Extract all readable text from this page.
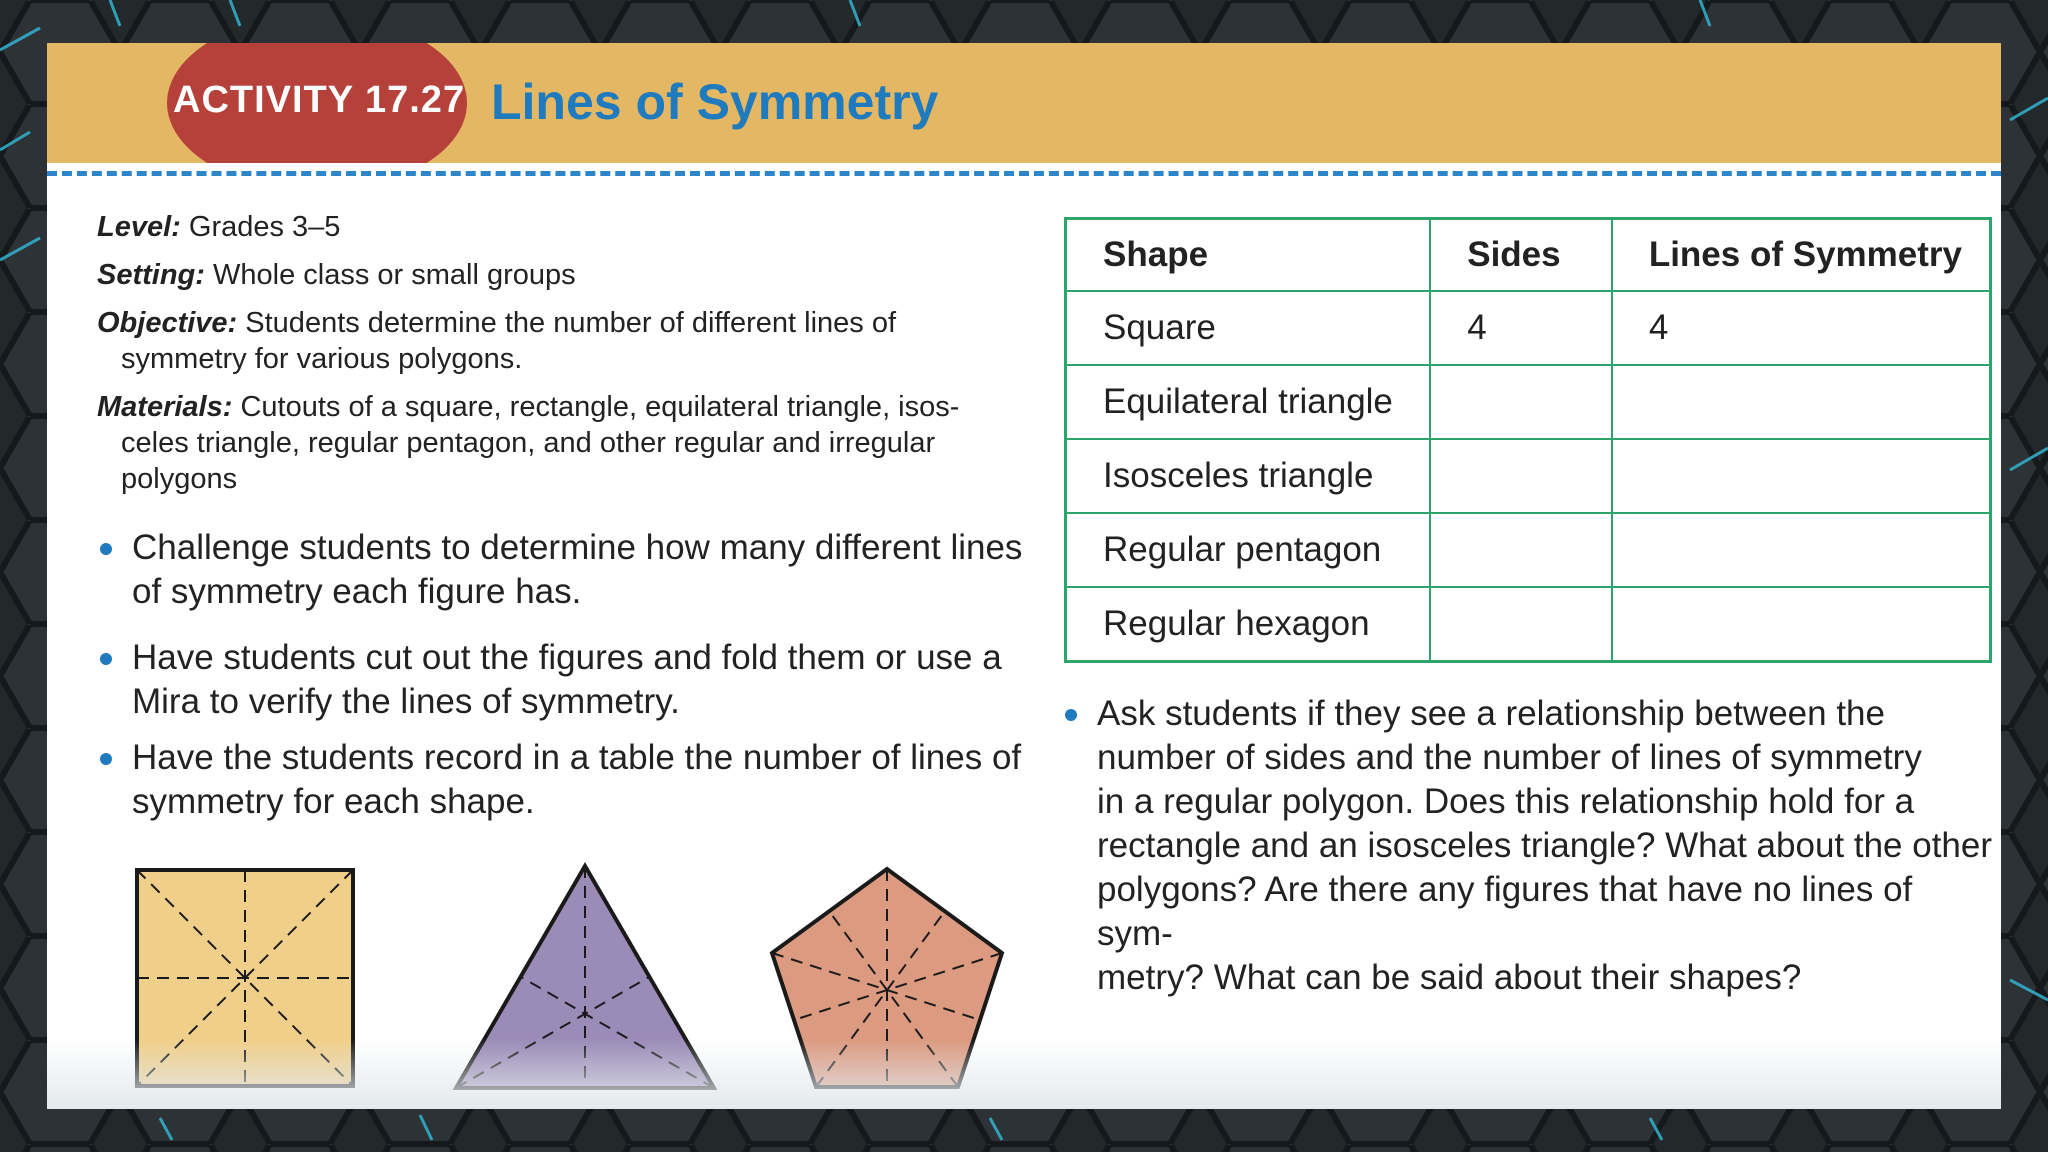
ACTIVITY 17.27 Lines of Symmetry
Level: Grades 3–5
Setting: Whole class or small groups
Objective: Students determine the number of different lines of
symmetry for various polygons.
Materials: Cutouts of a square, rectangle, equilateral triangle, isos-
celes triangle, regular pentagon, and other regular and irregular
polygons
Challenge students to determine how many different lines
of symmetry each figure has.
Have students cut out the figures and fold them or use a
Mira to verify the lines of symmetry.
Have the students record in a table the number of lines of
symmetry for each shape.
Shape	Sides	Lines of Symmetry
Square	4	4
Equilateral triangle		
Isosceles triangle		
Regular pentagon		
Regular hexagon		
Ask students if they see a relationship between the
number of sides and the number of lines of symmetry
in a regular polygon. Does this relationship hold for a
rectangle and an isosceles triangle? What about the other
polygons? Are there any figures that have no lines of sym-
metry? What can be said about their shapes?
